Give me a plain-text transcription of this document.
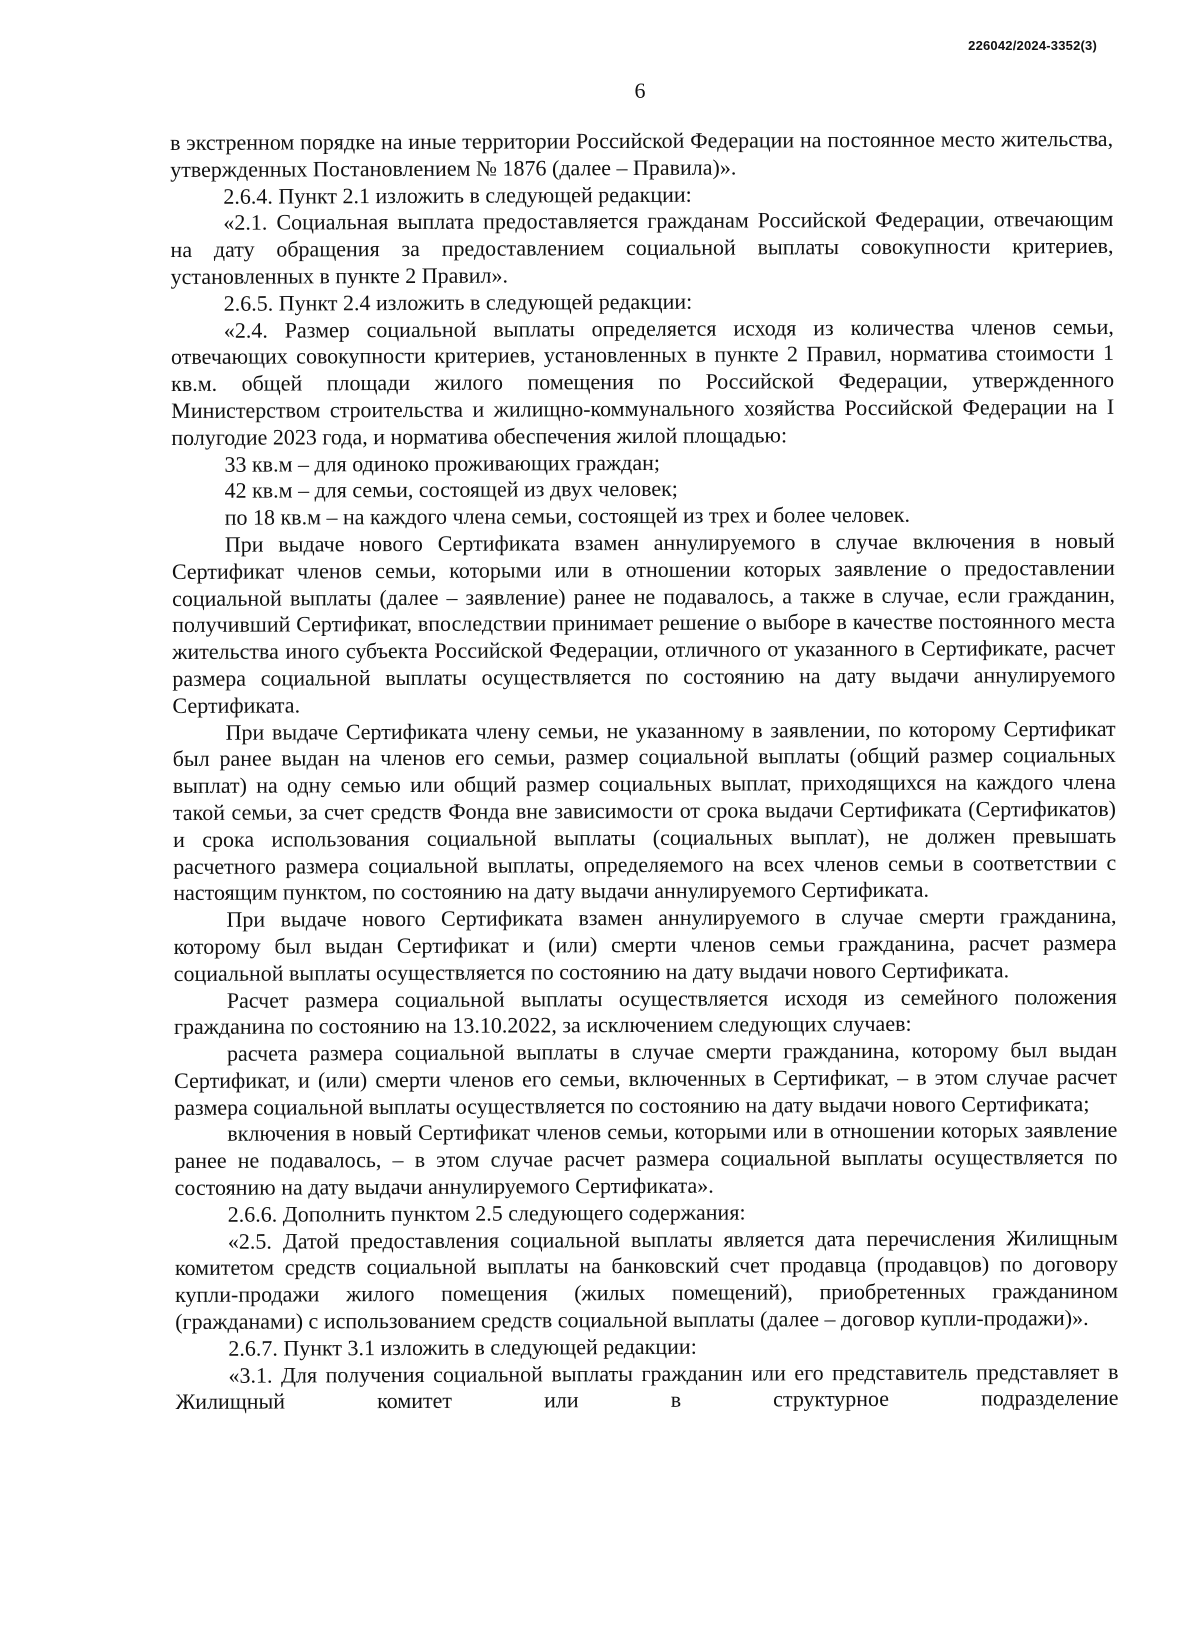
226042/2024-3352(3)
6

в экстренном порядке на иные территории Российской Федерации на постоянное место жительства, утвержденных Постановлением № 1876 (далее – Правила)».

2.6.4. Пункт 2.1 изложить в следующей редакции:

«2.1. Социальная выплата предоставляется гражданам Российской Федерации, отвечающим на дату обращения за предоставлением социальной выплаты совокупности критериев, установленных в пункте 2 Правил».

2.6.5. Пункт 2.4 изложить в следующей редакции:

«2.4. Размер социальной выплаты определяется исходя из количества членов семьи, отвечающих совокупности критериев, установленных в пункте 2 Правил, норматива стоимости 1 кв.м. общей площади жилого помещения по Российской Федерации, утвержденного Министерством строительства и жилищно-коммунального хозяйства Российской Федерации на I полугодие 2023 года, и норматива обеспечения жилой площадью:

33 кв.м – для одиноко проживающих граждан;

42 кв.м – для семьи, состоящей из двух человек;

по 18 кв.м – на каждого члена семьи, состоящей из трех и более человек.

При выдаче нового Сертификата взамен аннулируемого в случае включения в новый Сертификат членов семьи, которыми или в отношении которых заявление о предоставлении социальной выплаты (далее – заявление) ранее не подавалось, а также в случае, если гражданин, получивший Сертификат, впоследствии принимает решение о выборе в качестве постоянного места жительства иного субъекта Российской Федерации, отличного от указанного в Сертификате, расчет размера социальной выплаты осуществляется по состоянию на дату выдачи аннулируемого Сертификата.

При выдаче Сертификата члену семьи, не указанному в заявлении, по которому Сертификат был ранее выдан на членов его семьи, размер социальной выплаты (общий размер социальных выплат) на одну семью или общий размер социальных выплат, приходящихся на каждого члена такой семьи, за счет средств Фонда вне зависимости от срока выдачи Сертификата (Сертификатов) и срока использования социальной выплаты (социальных выплат), не должен превышать расчетного размера социальной выплаты, определяемого на всех членов семьи в соответствии с настоящим пунктом, по состоянию на дату выдачи аннулируемого Сертификата.

При выдаче нового Сертификата взамен аннулируемого в случае смерти гражданина, которому был выдан Сертификат и (или) смерти членов семьи гражданина, расчет размера социальной выплаты осуществляется по состоянию на дату выдачи нового Сертификата.

Расчет размера социальной выплаты осуществляется исходя из семейного положения гражданина по состоянию на 13.10.2022, за исключением следующих случаев:

расчета размера социальной выплаты в случае смерти гражданина, которому был выдан Сертификат, и (или) смерти членов его семьи, включенных в Сертификат, – в этом случае расчет размера социальной выплаты осуществляется по состоянию на дату выдачи нового Сертификата;

включения в новый Сертификат членов семьи, которыми или в отношении которых заявление ранее не подавалось, – в этом случае расчет размера социальной выплаты осуществляется по состоянию на дату выдачи аннулируемого Сертификата».

2.6.6. Дополнить пунктом 2.5 следующего содержания:

«2.5. Датой предоставления социальной выплаты является дата перечисления Жилищным комитетом средств социальной выплаты на банковский счет продавца (продавцов) по договору купли-продажи жилого помещения (жилых помещений), приобретенных гражданином (гражданами) с использованием средств социальной выплаты (далее – договор купли-продажи)».

2.6.7. Пункт 3.1 изложить в следующей редакции:

«3.1. Для получения социальной выплаты гражданин или его представитель представляет в Жилищный комитет или в структурное подразделение
